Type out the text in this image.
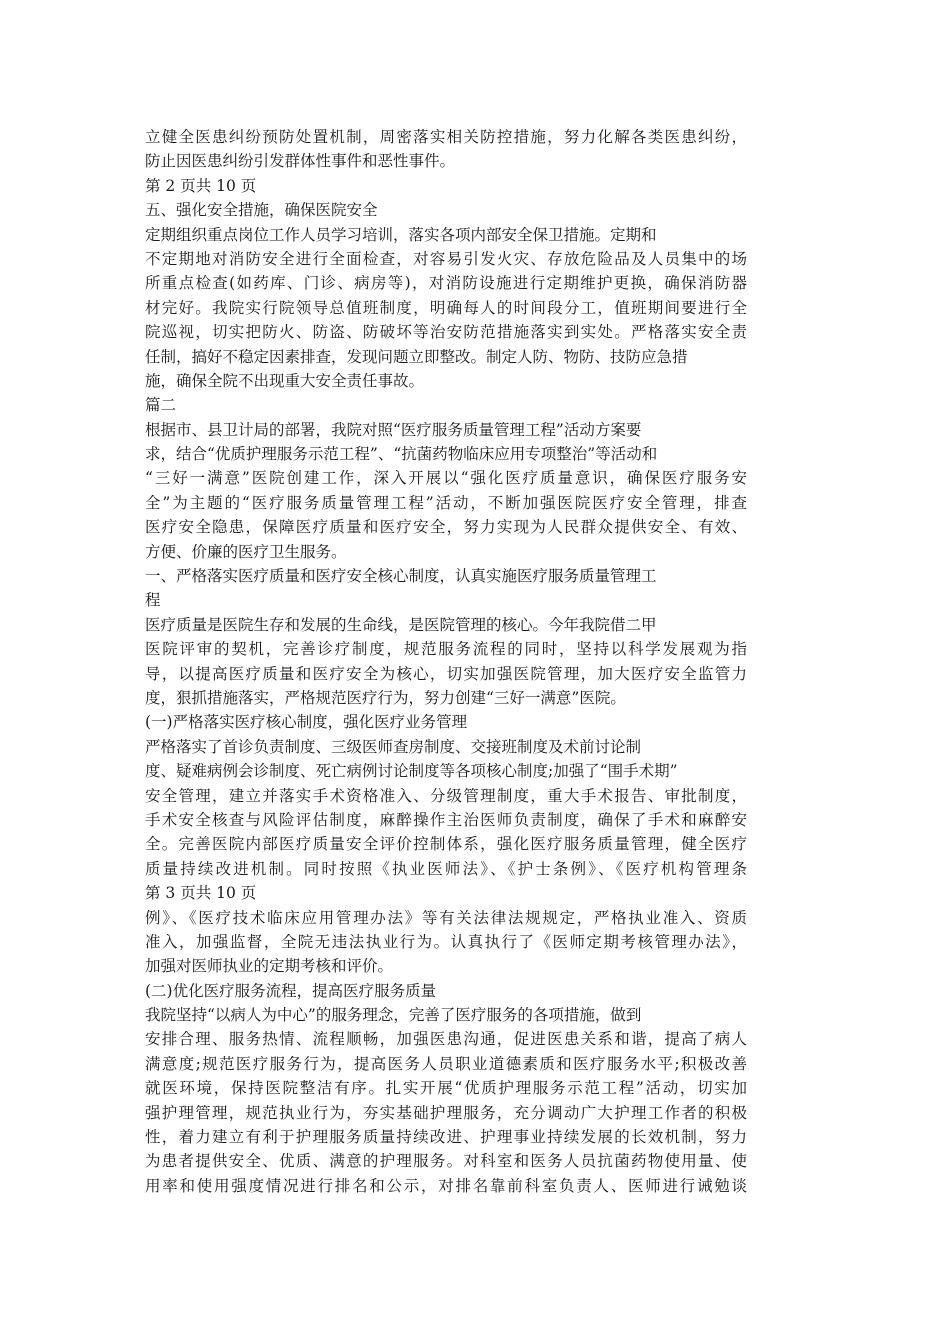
立健全医患纠纷预防处置机制，周密落实相关防控措施，努力化解各类医患纠纷，
防止因医患纠纷引发群体性事件和恶性事件。
第 2 页共 10 页
五、强化安全措施，确保医院安全
定期组织重点岗位工作人员学习培训，落实各项内部安全保卫措施。定期和
不定期地对消防安全进行全面检查，对容易引发火灾、存放危险品及人员集中的场
所重点检查(如药库、门诊、病房等)，对消防设施进行定期维护更换，确保消防器
材完好。我院实行院领导总值班制度，明确每人的时间段分工，值班期间要进行全
院巡视，切实把防火、防盗、防破坏等治安防范措施落实到实处。严格落实安全责
任制，搞好不稳定因素排查，发现问题立即整改。制定人防、物防、技防应急措
施，确保全院不出现重大安全责任事故。
篇二
根据市、县卫计局的部署，我院对照“医疗服务质量管理工程”活动方案要
求，结合“优质护理服务示范工程”、“抗菌药物临床应用专项整治”等活动和
“三好一满意”医院创建工作，深入开展以“强化医疗质量意识，确保医疗服务安
全”为主题的“医疗服务质量管理工程”活动，不断加强医院医疗安全管理，排查
医疗安全隐患，保障医疗质量和医疗安全，努力实现为人民群众提供安全、有效、
方便、价廉的医疗卫生服务。
一、严格落实医疗质量和医疗安全核心制度，认真实施医疗服务质量管理工
程
医疗质量是医院生存和发展的生命线，是医院管理的核心。今年我院借二甲
医院评审的契机，完善诊疗制度，规范服务流程的同时，坚持以科学发展观为指
导，以提高医疗质量和医疗安全为核心，切实加强医院管理，加大医疗安全监管力
度，狠抓措施落实，严格规范医疗行为，努力创建“三好一满意”医院。
(一)严格落实医疗核心制度，强化医疗业务管理
严格落实了首诊负责制度、三级医师查房制度、交接班制度及术前讨论制
度、疑难病例会诊制度、死亡病例讨论制度等各项核心制度;加强了“围手术期”
安全管理，建立并落实手术资格准入、分级管理制度，重大手术报告、审批制度，
手术安全核查与风险评估制度，麻醉操作主治医师负责制度，确保了手术和麻醉安
全。完善医院内部医疗质量安全评价控制体系，强化医疗服务质量管理，健全医疗
质量持续改进机制。同时按照《执业医师法》、《护士条例》、《医疗机构管理条
第 3 页共 10 页
例》、《医疗技术临床应用管理办法》等有关法律法规规定，严格执业准入、资质
准入，加强监督，全院无违法执业行为。认真执行了《医师定期考核管理办法》，
加强对医师执业的定期考核和评价。
(二)优化医疗服务流程，提高医疗服务质量
我院坚持“以病人为中心”的服务理念，完善了医疗服务的各项措施，做到
安排合理、服务热情、流程顺畅，加强医患沟通，促进医患关系和谐，提高了病人
满意度;规范医疗服务行为，提高医务人员职业道德素质和医疗服务水平;积极改善
就医环境，保持医院整洁有序。扎实开展“优质护理服务示范工程”活动，切实加
强护理管理，规范执业行为，夯实基础护理服务，充分调动广大护理工作者的积极
性，着力建立有利于护理服务质量持续改进、护理事业持续发展的长效机制，努力
为患者提供安全、优质、满意的护理服务。对科室和医务人员抗菌药物使用量、使
用率和使用强度情况进行排名和公示，对排名靠前科室负责人、医师进行诫勉谈
